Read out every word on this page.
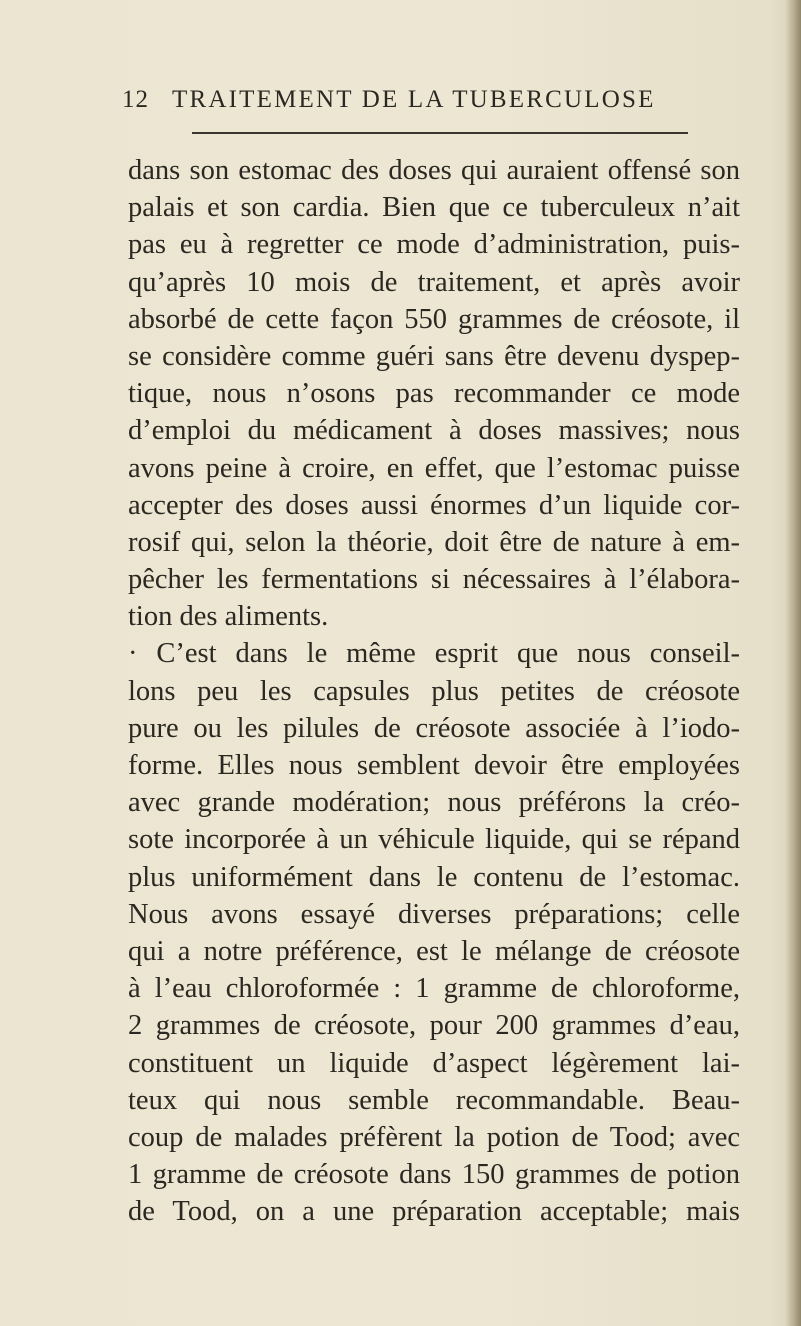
12 TRAITEMENT DE LA TUBERCULOSE
dans son estomac des doses qui auraient offensé son
palais et son cardia. Bien que ce tuberculeux n’ait
pas eu à regretter ce mode d’administration, puis-
qu’après 10 mois de traitement, et après avoir
absorbé de cette façon 550 grammes de créosote, il
se considère comme guéri sans être devenu dyspep-
tique, nous n’osons pas recommander ce mode
d’emploi du médicament à doses massives; nous
avons peine à croire, en effet, que l’estomac puisse
accepter des doses aussi énormes d’un liquide cor-
rosif qui, selon la théorie, doit être de nature à em-
pêcher les fermentations si nécessaires à l’élabora-
tion des aliments.
· C’est dans le même esprit que nous conseil-
lons peu les capsules plus petites de créosote
pure ou les pilules de créosote associée à l’iodo-
forme. Elles nous semblent devoir être employées
avec grande modération; nous préférons la créo-
sote incorporée à un véhicule liquide, qui se répand
plus uniformément dans le contenu de l’estomac.
Nous avons essayé diverses préparations; celle
qui a notre préférence, est le mélange de créosote
à l’eau chloroformée : 1 gramme de chloroforme,
2 grammes de créosote, pour 200 grammes d’eau,
constituent un liquide d’aspect légèrement lai-
teux qui nous semble recommandable. Beau-
coup de malades préfèrent la potion de Tood; avec
1 gramme de créosote dans 150 grammes de potion
de Tood, on a une préparation acceptable; mais
